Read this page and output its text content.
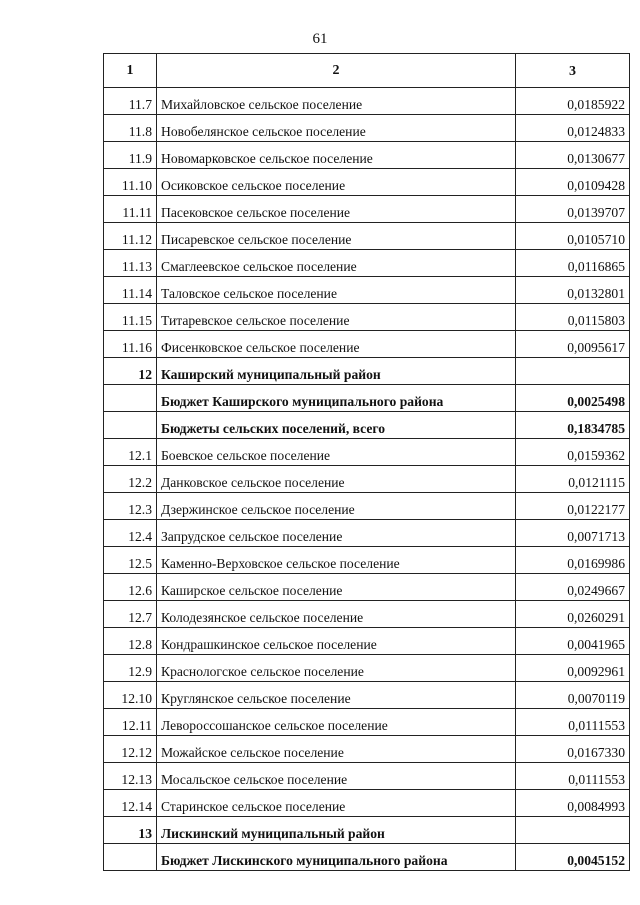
61
1	2	3
11.7	Михайловское сельское поселение	0,0185922
11.8	Новобелянское сельское поселение	0,0124833
11.9	Новомарковское сельское поселение	0,0130677
11.10	Осиковское сельское поселение	0,0109428
11.11	Пасековское сельское поселение	0,0139707
11.12	Писаревское сельское поселение	0,0105710
11.13	Смаглеевское сельское поселение	0,0116865
11.14	Таловское сельское поселение	0,0132801
11.15	Титаревское сельское поселение	0,0115803
11.16	Фисенковское сельское поселение	0,0095617
12	Каширский муниципальный район	
	Бюджет Каширского муниципального района	0,0025498
	Бюджеты сельских поселений, всего	0,1834785
12.1	Боевское сельское поселение	0,0159362
12.2	Данковское сельское поселение	0,0121115
12.3	Дзержинское сельское поселение	0,0122177
12.4	Запрудское сельское поселение	0,0071713
12.5	Каменно-Верховское сельское поселение	0,0169986
12.6	Каширское сельское поселение	0,0249667
12.7	Колодезянское сельское поселение	0,0260291
12.8	Кондрашкинское сельское поселение	0,0041965
12.9	Краснологское сельское поселение	0,0092961
12.10	Круглянское сельское поселение	0,0070119
12.11	Левороссошанское сельское поселение	0,0111553
12.12	Можайское сельское поселение	0,0167330
12.13	Мосальское сельское поселение	0,0111553
12.14	Старинское сельское поселение	0,0084993
13	Лискинский муниципальный район	
	Бюджет Лискинского муниципального района	0,0045152
